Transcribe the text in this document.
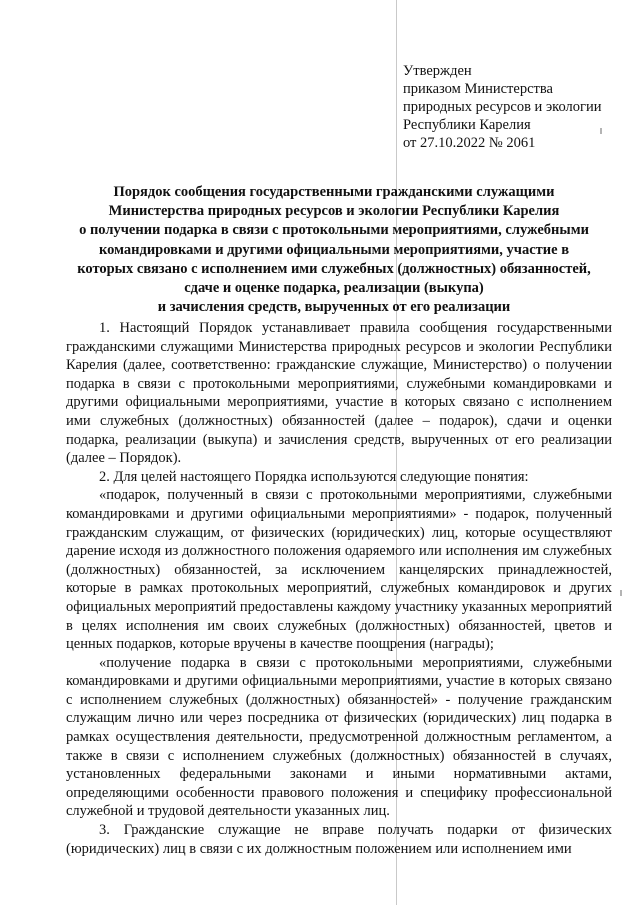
Утвержден
приказом Министерства
природных ресурсов и экологии
Республики Карелия
от 27.10.2022 № 2061
Порядок сообщения государственными гражданскими служащими
Министерства природных ресурсов и экологии Республики Карелия
о получении подарка в связи с протокольными мероприятиями, служебными
командировками и другими официальными мероприятиями, участие в
которых связано с исполнением ими служебных (должностных) обязанностей,
сдаче и оценке подарка, реализации (выкупа)
и зачисления средств, вырученных от его реализации

1. Настоящий Порядок устанавливает правила сообщения государственными гражданскими служащими Министерства природных ресурсов и экологии Республики Карелия (далее, соответственно: гражданские служащие, Министерство) о получении подарка в связи с протокольными мероприятиями, служебными командировками и другими официальными мероприятиями, участие в которых связано с исполнением ими служебных (должностных) обязанностей (далее – подарок), сдачи и оценки подарка, реализации (выкупа) и зачисления средств, вырученных от его реализации (далее – Порядок).

2. Для целей настоящего Порядка используются следующие понятия:

«подарок, полученный в связи с протокольными мероприятиями, служебными командировками и другими официальными мероприятиями» - подарок, полученный гражданским служащим, от физических (юридических) лиц, которые осуществляют дарение исходя из должностного положения одаряемого или исполнения им служебных (должностных) обязанностей, за исключением канцелярских принадлежностей, которые в рамках протокольных мероприятий, служебных командировок и других официальных мероприятий предоставлены каждому участнику указанных мероприятий в целях исполнения им своих служебных (должностных) обязанностей, цветов и ценных подарков, которые вручены в качестве поощрения (награды);

«получение подарка в связи с протокольными мероприятиями, служебными командировками и другими официальными мероприятиями, участие в которых связано с исполнением служебных (должностных) обязанностей» - получение гражданским служащим лично или через посредника от физических (юридических) лиц подарка в рамках осуществления деятельности, предусмотренной должностным регламентом, а также в связи с исполнением служебных (должностных) обязанностей в случаях, установленных федеральными законами и иными нормативными актами, определяющими особенности правового положения и специфику профессиональной служебной и трудовой деятельности указанных лиц.

3. Гражданские служащие не вправе получать подарки от физических (юридических) лиц в связи с их должностным положением или исполнением ими
